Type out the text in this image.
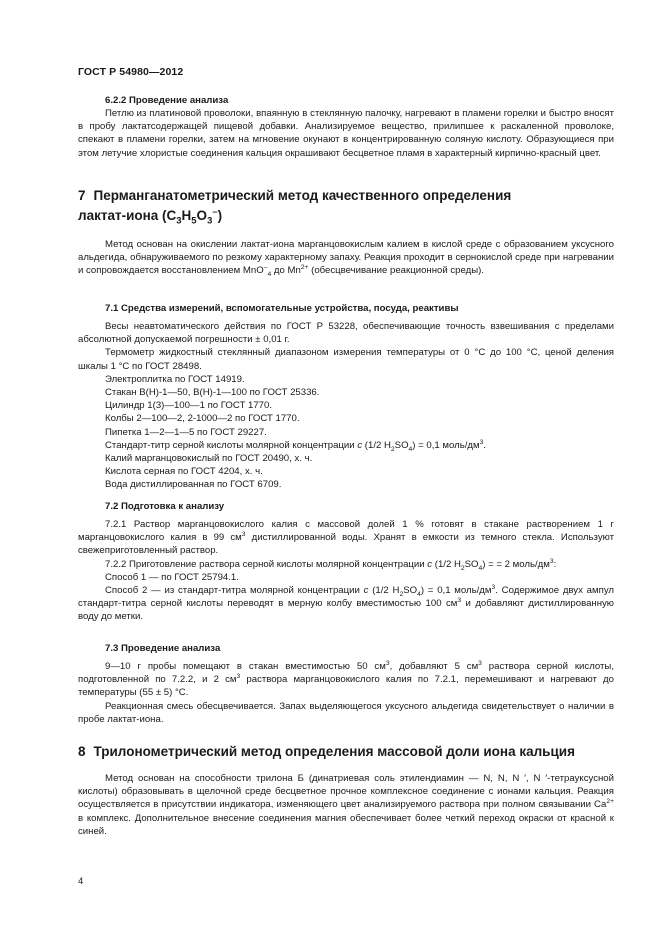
ГОСТ Р 54980—2012

6.2.2 Проведение анализа

Петлю из платиновой проволоки, впаянную в стеклянную палочку, нагревают в пламени горелки и быстро вносят в пробу лактатсодержащей пищевой добавки. Анализируемое вещество, прилипшее к раскаленной проволоке, спекают в пламени горелки, затем на мгновение окунают в концентрированную соляную кислоту. Образующиеся при этом летучие хлористые соединения кальция окрашивают бесцветное пламя в характерный кирпично-красный цвет.

7 Перманганатометрический метод качественного определения

лактат-иона $(C_3H_5O_3^-)$

Метод основан на окислении лактат-иона марганцовокислым калием в кислой среде с образованием уксусного альдегида, обнаруживаемого по резкому характерному запаху. Реакция проходит в сернокислой среде при нагревании и сопровождается восстановлением MnO–$_4$ до $Mn^{2+}$ (обесцвечивание реакционной среды).

7.1 Средства измерений, вспомогательные устройства, посуда, реактивы

Весы неавтоматического действия по ГОСТ Р 53228, обеспечивающие точность взвешивания с пределами абсолютной допускаемой погрешности ± 0,01 г.

Термометр жидкостный стеклянный диапазоном измерения температуры от 0 °С до 100 °С, ценой деления шкалы 1 °С по ГОСТ 28498.

Электроплитка по ГОСТ 14919.

Стакан В(Н)-1—50, В(Н)-1—100 по ГОСТ 25336.

Цилиндр 1(3)—100—1 по ГОСТ 1770.

Колбы 2—100—2, 2-1000—2 по ГОСТ 1770.

Пипетка 1—2—1—5 по ГОСТ 29227.

Стандарт-титр серной кислоты молярной концентрации c (1/2 $H_2SO_4) = 0,1$ моль/$дм^3$.

Калий марганцовокислый по ГОСТ 20490, х. ч.

Кислота серная по ГОСТ 4204, х. ч.

Вода дистиллированная по ГОСТ 6709.

7.2 Подготовка к анализу

7.2.1 Раствор марганцовокислого калия с массовой долей 1 % готовят в стакане растворением 1 г марганцовокислого калия в 99 $см^3$ дистиллированной воды. Хранят в емкости из темного стекла. Используют свежеприготовленный раствор.

7.2.2 Приготовление раствора серной кислоты молярной концентрации c (1/2 $H_2SO_4$) = = 2 моль/$дм^3$:

Способ 1 — по ГОСТ 25794.1.

Способ 2 — из стандарт-титра молярной концентрации c (1/2 $H_2SO_4) = 0,1$ моль/$дм^3$. Содержимое двух ампул стандарт-титра серной кислоты переводят в мерную колбу вместимостью 100 $см^3$ и добавляют дистиллированную воду до метки.

7.3 Проведение анализа

9—10 г пробы помещают в стакан вместимостью 50 $см^3$, добавляют 5 $см^3$ раствора серной кислоты, подготовленной по 7.2.2, и 2 $см^3$ раствора марганцовокислого калия по 7.2.1, перемешивают и нагревают до температуры (55 ± 5) °С.

Реакционная смесь обесцвечивается. Запах выделяющегося уксусного альдегида свидетельствует о наличии в пробе лактат-иона.

8 Трилонометрический метод определения массовой доли иона кальция

Метод основан на способности трилона Б (динатриевая соль этилендиамин — N, N, N ′, N ′-тетрауксусной кислоты) образовывать в щелочной среде бесцветное прочное комплексное соединение с ионами кальция. Реакция осуществляется в присутствии индикатора, изменяющего цвет анализируемого раствора при полном связывании $Ca^{2+}$ в комплекс. Дополнительное внесение соединения магния обеспечивает более четкий переход окраски от красной к синей.

4
